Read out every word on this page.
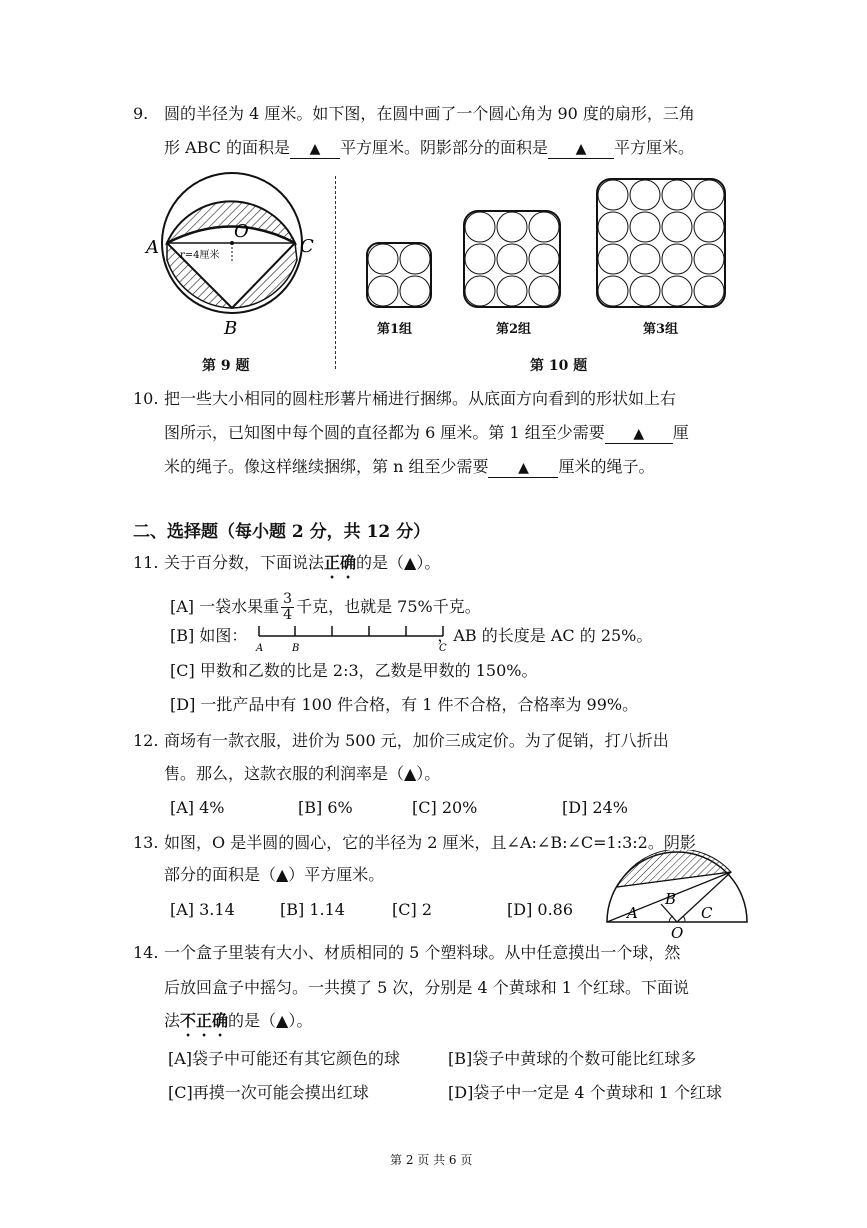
9. 圆的半径为 4 厘米。如下图，在圆中画了一个圆心角为 90 度的扇形，三角
形 ABC 的面积是 ▲ 平方厘米。阴影部分的面积是 ▲ 平方厘米。
O
A	C
B
r=4厘米
第 9 题
第1组	第2组	第3组
第 10 题
10. 把一些大小相同的圆柱形薯片桶进行捆绑。从底面方向看到的形状如上右
图所示，已知图中每个圆的直径都为 6 厘米。第 1 组至少需要 ▲ 厘
米的绳子。像这样继续捆绑，第 n 组至少需要 ▲ 厘米的绳子。
二、选择题（每小题 2 分，共 12 分）
11. 关于百分数，下面说法正确的是（▲）。
[A] 一袋水果重 $\frac{3}{4}$ 千克，也就是 75%千克。
[B] 如图：	，AB 的长度是 AC 的 25%。
A	B	C
[C] 甲数和乙数的比是 2:3，乙数是甲数的 150%。
[D] 一批产品中有 100 件合格，有 1 件不合格，合格率为 99%。
12. 商场有一款衣服，进价为 500 元，加价三成定价。为了促销，打八折出
售。那么，这款衣服的利润率是（▲）。
[A] 4%	[B] 6%	[C] 20%	[D] 24%
13. 如图，O 是半圆的圆心，它的半径为 2 厘米，且∠A:∠B:∠C=1:3:2。阴影
部分的面积是（▲）平方厘米。
[A] 3.14	[B] 1.14	[C] 2	[D] 0.86	A
B
C
O
14. 一个盒子里装有大小、材质相同的 5 个塑料球。从中任意摸出一个球，然
后放回盒子中摇匀。一共摸了 5 次，分别是 4 个黄球和 1 个红球。下面说
法不正确的是（▲）。
[A]袋子中可能还有其它颜色的球	[B]袋子中黄球的个数可能比红球多
[C]再摸一次可能会摸出红球	[D]袋子中一定是 4 个黄球和 1 个红球
第 2 页 共 6 页
